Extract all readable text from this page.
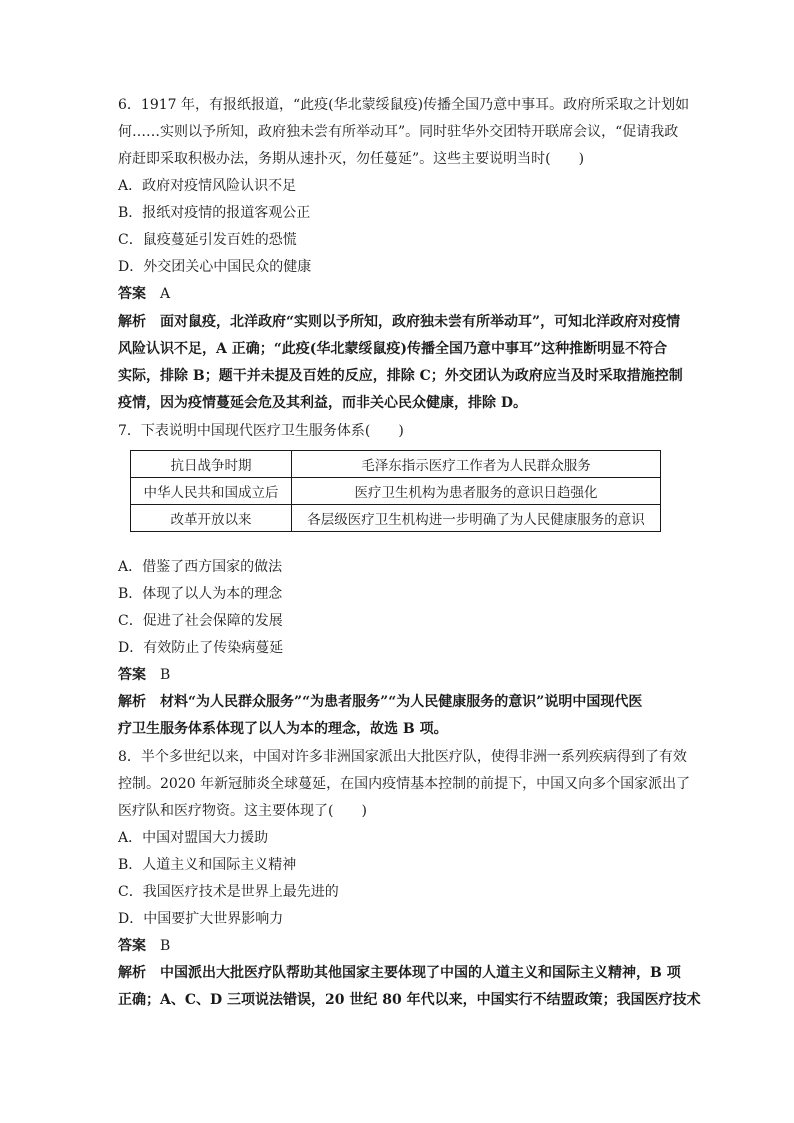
6．1917 年，有报纸报道，“此疫(华北蒙绥鼠疫)传播全国乃意中事耳。政府所采取之计划如
何……实则以予所知，政府独未尝有所举动耳”。同时驻华外交团特开联席会议，“促请我政
府赶即采取积极办法，务期从速扑灭，勿任蔓延”。这些主要说明当时(　　)
A．政府对疫情风险认识不足
B．报纸对疫情的报道客观公正
C．鼠疫蔓延引发百姓的恐慌
D．外交团关心中国民众的健康
答案 A
解析 面对鼠疫，北洋政府“实则以予所知，政府独未尝有所举动耳”，可知北洋政府对疫情
风险认识不足，A 正确；“此疫(华北蒙绥鼠疫)传播全国乃意中事耳”这种推断明显不符合
实际，排除 B；题干并未提及百姓的反应，排除 C；外交团认为政府应当及时采取措施控制
疫情，因为疫情蔓延会危及其利益，而非关心民众健康，排除 D。
7．下表说明中国现代医疗卫生服务体系(　　)
抗日战争时期	毛泽东指示医疗工作者为人民群众服务
中华人民共和国成立后	医疗卫生机构为患者服务的意识日趋强化
改革开放以来	各层级医疗卫生机构进一步明确了为人民健康服务的意识
A．借鉴了西方国家的做法
B．体现了以人为本的理念
C．促进了社会保障的发展
D．有效防止了传染病蔓延
答案 B
解析 材料“为人民群众服务”“为患者服务”“为人民健康服务的意识”说明中国现代医
疗卫生服务体系体现了以人为本的理念，故选 B 项。
8．半个多世纪以来，中国对许多非洲国家派出大批医疗队，使得非洲一系列疾病得到了有效
控制。2020 年新冠肺炎全球蔓延，在国内疫情基本控制的前提下，中国又向多个国家派出了
医疗队和医疗物资。这主要体现了(　　)
A．中国对盟国大力援助
B．人道主义和国际主义精神
C．我国医疗技术是世界上最先进的
D．中国要扩大世界影响力
答案 B
解析 中国派出大批医疗队帮助其他国家主要体现了中国的人道主义和国际主义精神，B 项
正确；A、C、D 三项说法错误，20 世纪 80 年代以来，中国实行不结盟政策；我国医疗技术
